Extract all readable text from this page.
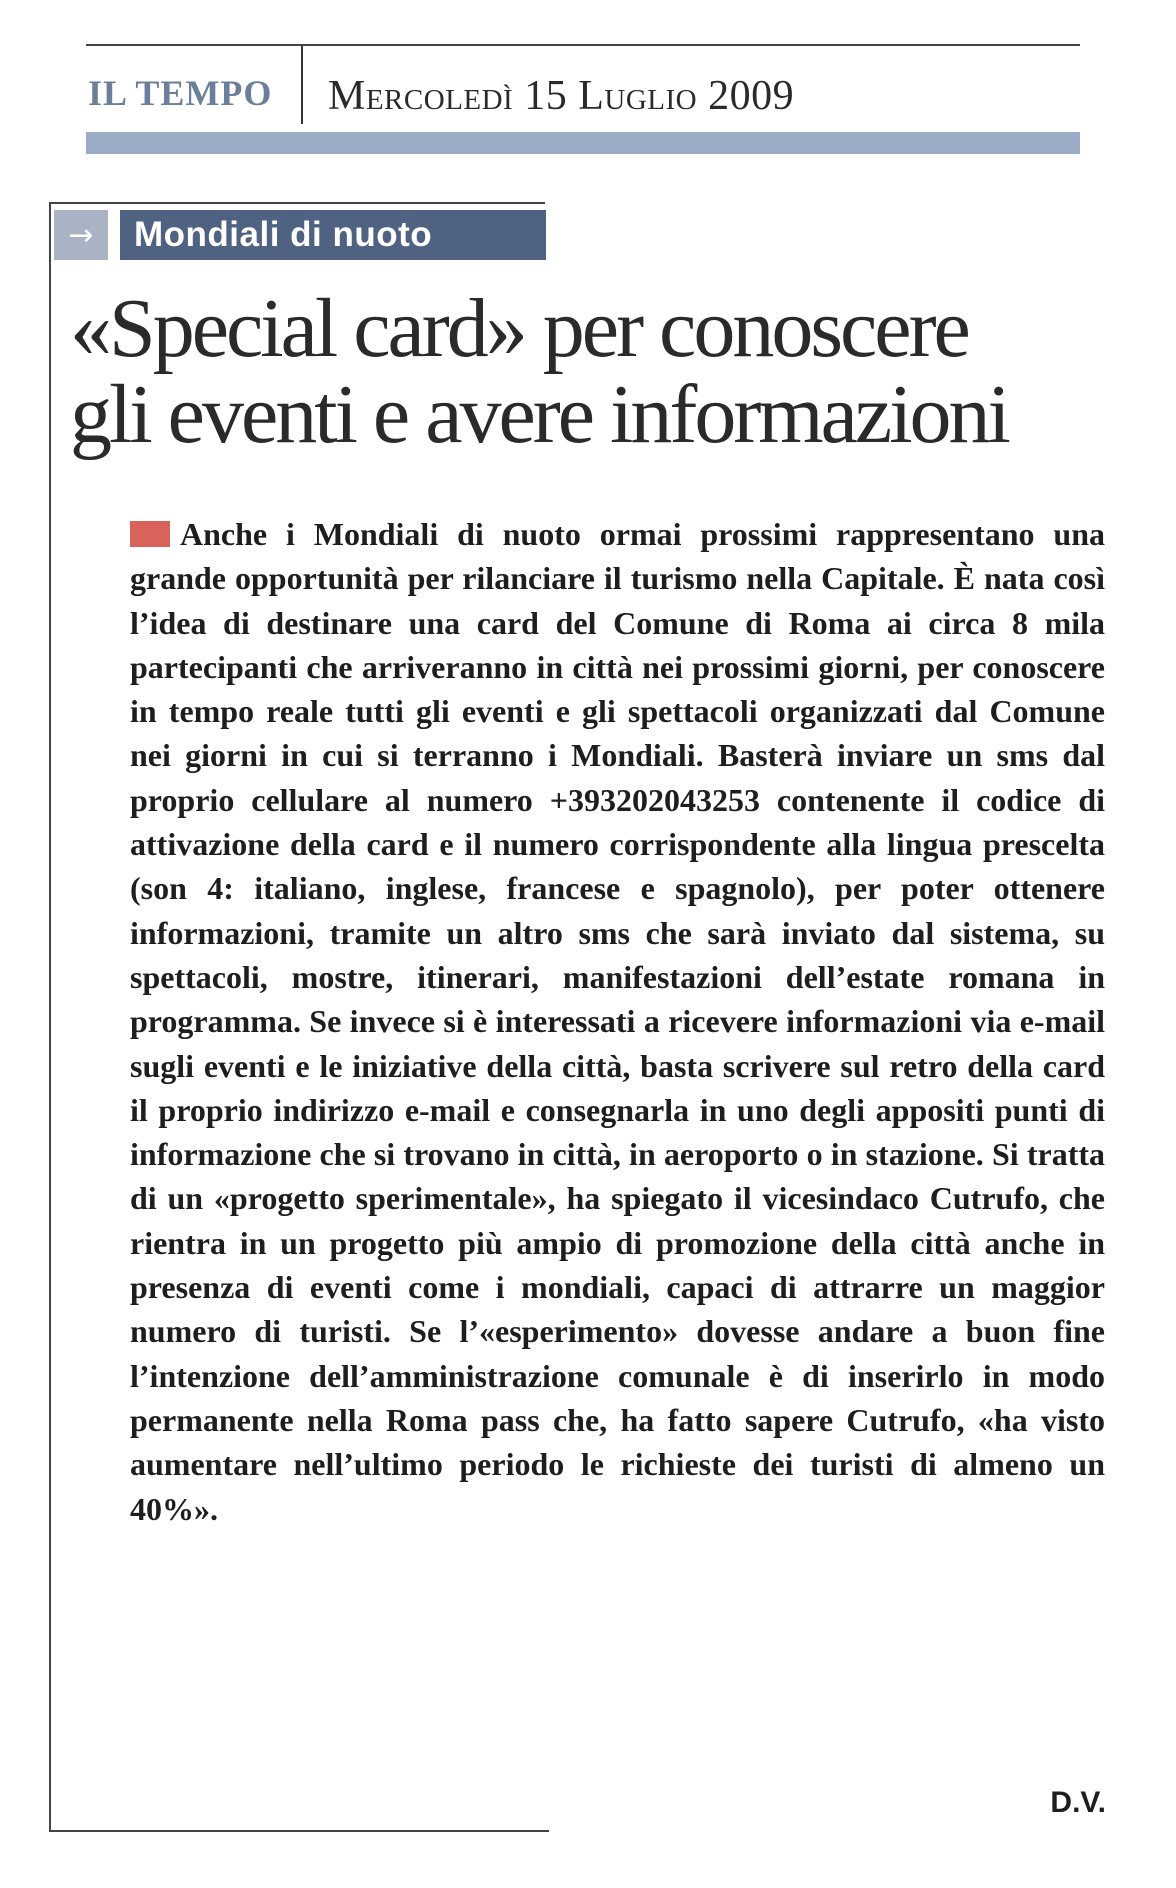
IL TEMPO Mercoledì 15 Luglio 2009
→	Mondiali di nuoto
«Special card» per conoscere
gli eventi e avere informazioni

Anche i Mondiali di nuoto ormai prossimi rappresentano una grande opportunità per rilanciare il turismo nella Capitale. È nata così l’idea di destinare una card del Comune di Roma ai circa 8 mila partecipanti che arriveranno in città nei prossimi giorni, per conoscere in tempo reale tutti gli eventi e gli spettacoli organizzati dal Comune nei giorni in cui si terranno i Mondiali. Basterà inviare un sms dal proprio cellulare al numero +393202043253 contenente il codice di attivazione della card e il numero corrispondente alla lingua prescelta (son 4: italiano, inglese, francese e spagnolo), per poter ottenere informazioni, tramite un altro sms che sarà inviato dal sistema, su spettacoli, mostre, itinerari, manifestazioni dell’estate romana in programma. Se invece si è interessati a ricevere informazioni via e-mail sugli eventi e le iniziative della città, basta scrivere sul retro della card il proprio indirizzo e-mail e consegnarla in uno degli appositi punti di informazione che si trovano in città, in aeroporto o in stazione. Si tratta di un «progetto sperimentale», ha spiegato il vicesindaco Cutrufo, che rientra in un progetto più ampio di promozione della città anche in presenza di eventi come i mondiali, capaci di attrarre un maggior numero di turisti. Se l’«esperimento» dovesse andare a buon fine l’intenzione dell’amministrazione comunale è di inserirlo in modo permanente nella Roma pass che, ha fatto sapere Cutrufo, «ha visto aumentare nell’ultimo periodo le richieste dei turisti di almeno un 40%».

D.V.
